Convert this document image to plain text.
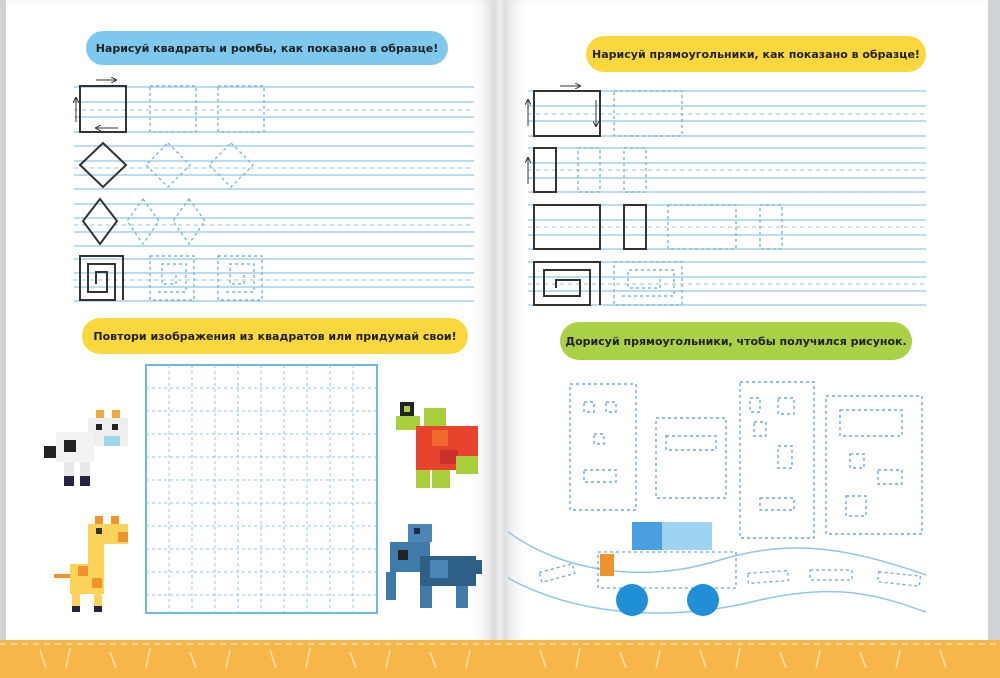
Нарисуй квадраты и ромбы, как показано в образце!
Повтори изображения из квадратов или придумай свои!
Нарисуй прямоугольники, как показано в образце!
Дорисуй прямоугольники, чтобы получился рисунок.
